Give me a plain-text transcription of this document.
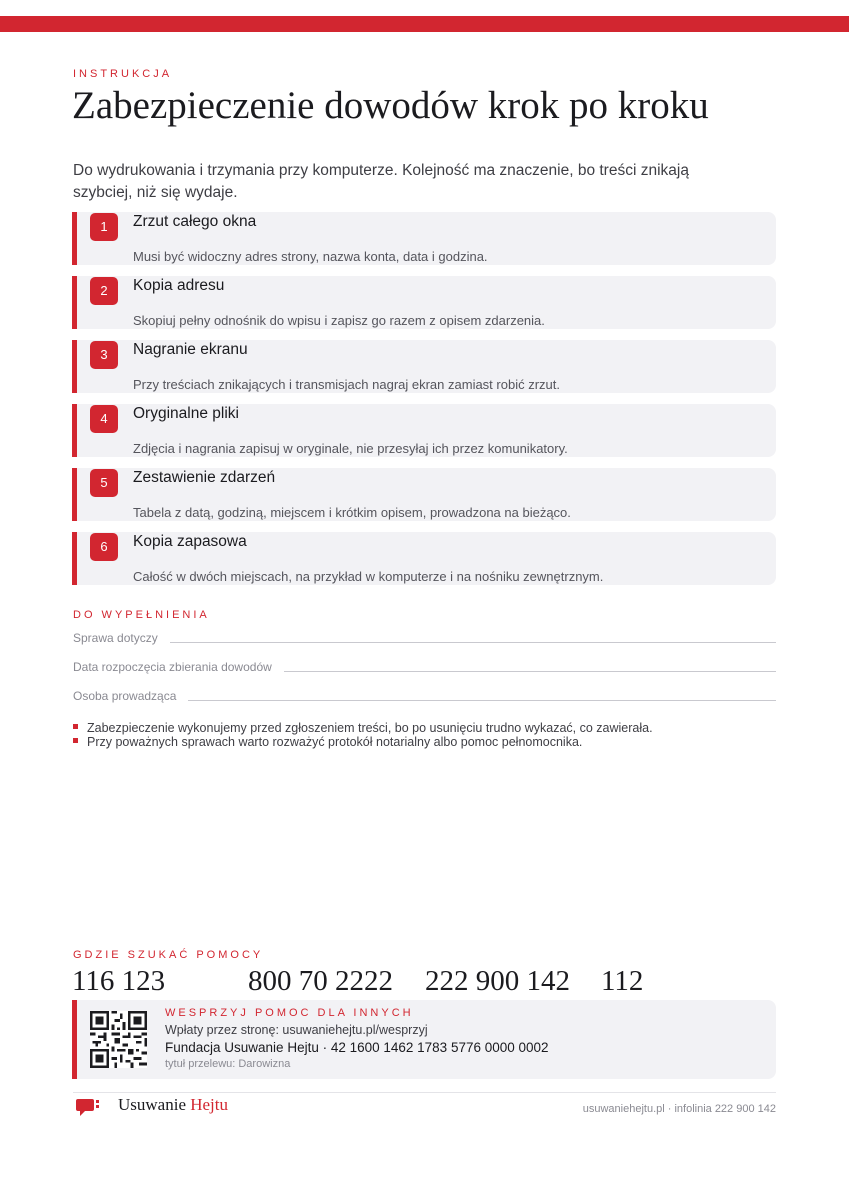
INSTRUKCJA
Zabezpieczenie dowodów krok po kroku
Do wydrukowania i trzymania przy komputerze. Kolejność ma znaczenie, bo treści znikają szybciej, niż się wydaje.
1	Zrzut całego okna
Musi być widoczny adres strony, nazwa konta, data i godzina.
2	Kopia adresu
Skopiuj pełny odnośnik do wpisu i zapisz go razem z opisem zdarzenia.
3	Nagranie ekranu
Przy treściach znikających i transmisjach nagraj ekran zamiast robić zrzut.
4	Oryginalne pliki
Zdjęcia i nagrania zapisuj w oryginale, nie przesyłaj ich przez komunikatory.
5	Zestawienie zdarzeń
Tabela z datą, godziną, miejscem i krótkim opisem, prowadzona na bieżąco.
6	Kopia zapasowa
Całość w dwóch miejscach, na przykład w komputerze i na nośniku zewnętrznym.
DO WYPEŁNIENIA
Sprawa dotyczy
Data rozpoczęcia zbierania dowodów
Osoba prowadząca
Zabezpieczenie wykonujemy przed zgłoszeniem treści, bo po usunięciu trudno wykazać, co zawierała.
Przy poważnych sprawach warto rozważyć protokół notarialny albo pomoc pełnomocnika.
GDZIE SZUKAĆ POMOCY
116 123	800 70 2222 222 900 142 112
WESPRZYJ POMOC DLA INNYCH
Wpłaty przez stronę: usuwaniehejtu.pl/wesprzyj
Fundacja Usuwanie Hejtu · 42 1600 1462 1783 5776 0000 0002
tytuł przelewu: Darowizna
Usuwanie Hejtu	usuwaniehejtu.pl · infolinia 222 900 142
